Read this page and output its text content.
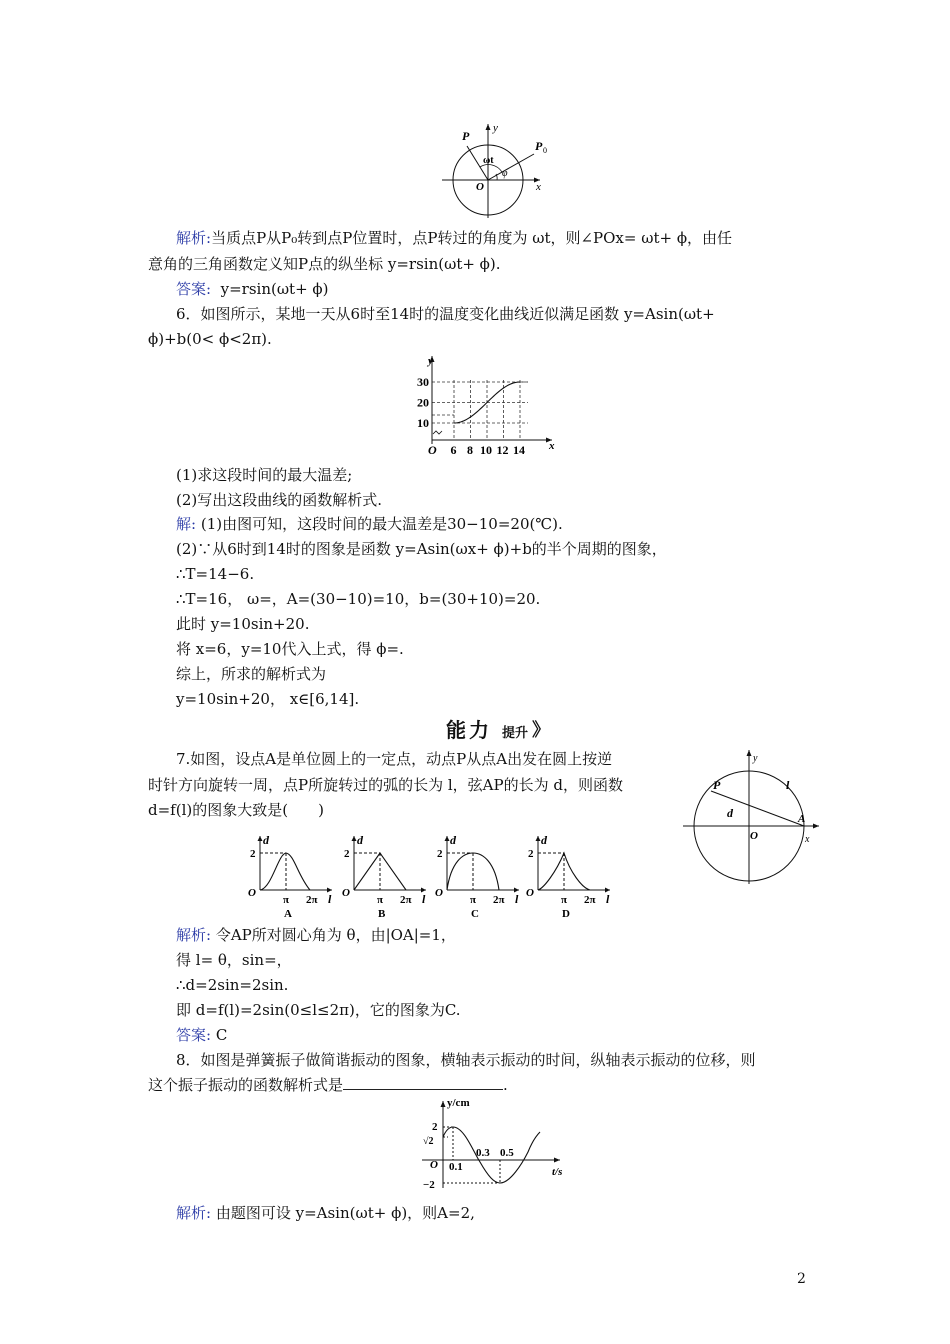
P
P 0
y
x
O
ωt
φ
解析:当质点P从P₀转到点P位置时，点P转过的角度为 ωt，则∠POx= ωt+ ϕ，由任
意角的三角函数定义知P点的纵坐标 y=rsin(ωt+ ϕ).
答案: y=rsin(ωt+ ϕ)
6．如图所示，某地一天从6时至14时的温度变化曲线近似满足函数 y=Asin(ωt+
ϕ)+b(0< ϕ<2π).
10
20
30
6 8 10 12 14
y
O	x
(1)求这段时间的最大温差;
(2)写出这段曲线的函数解析式.
解: (1)由图可知，这段时间的最大温差是30−10=20(℃).
(2)∵从6时到14时的图象是函数 y=Asin(ωx+ ϕ)+b的半个周期的图象，
∴T=14−6.
∴T=16， ω=，A=(30−10)=10，b=(30+10)=20.
此时 y=10sin+20.
将 x=6，y=10代入上式，得 ϕ=.
综上，所求的解析式为
y=10sin+20， x∈[6,14].
能力 提升 》
7.如图，设点A是单位圆上的一定点，动点P从点A出发在圆上按逆
时针方向旋转一周，点P所旋转过的弧的长为 l，弦AP的长为 d，则函数
d=f(l)的图象大致是(　　)
P
d
l
O
A
x
y
d
2
O
π 2π l
A
d
2
O
π 2π l
B
d
2
O
π 2π l
C
d
2
O
π 2π l
D
解析: 令AP所对圆心角为 θ，由|OA|=1，
得 l= θ，sin=，
∴d=2sin=2sin.
即 d=f(l)=2sin(0≤l≤2π)，它的图象为C.
答案: C
8．如图是弹簧振子做简谐振动的图象，横轴表示振动的时间，纵轴表示振动的位移，则
这个振子振动的函数解析式是	.
y/cm
t/s
O
2
√2
−2
0.1
0.3 0.5
解析: 由题图可设 y=Asin(ωt+ ϕ)，则A=2,
2
